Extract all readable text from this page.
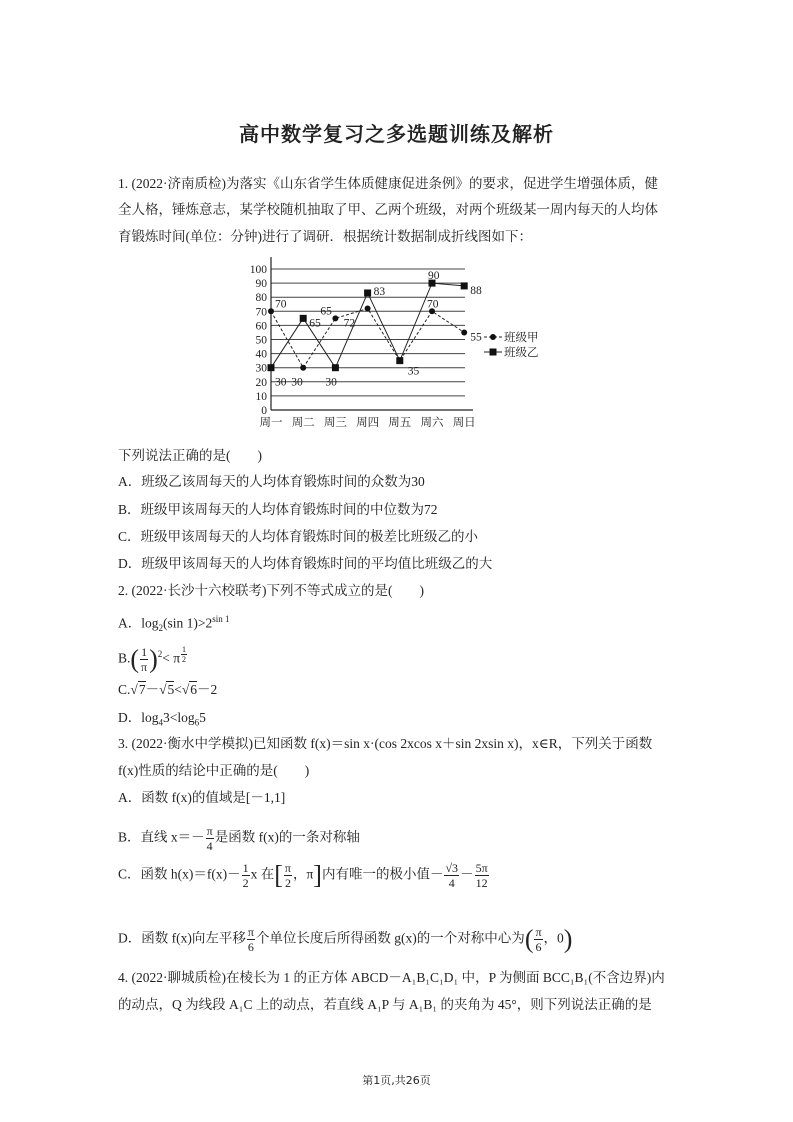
高中数学复习之多选题训练及解析
1. (2022·济南质检)为落实《山东省学生体质健康促进条例》的要求，促进学生增强体质，健
全人格，锤炼意志，某学校随机抽取了甲、乙两个班级，对两个班级某一周内每天的人均体
育锻炼时间(单位：分钟)进行了调研．根据统计数据制成折线图如下：
0
10
20
30
40
50
60
70
80
90
100
周一 周二 周三 周四 周五 周六 周日
70
30
65
72
70
55
30
65
30
83
35
90
88
班级甲
班级乙
下列说法正确的是(　　)
A．班级乙该周每天的人均体育锻炼时间的众数为30
B．班级甲该周每天的人均体育锻炼时间的中位数为72
C．班级甲该周每天的人均体育锻炼时间的极差比班级乙的小
D．班级甲该周每天的人均体育锻炼时间的平均值比班级乙的大
2. (2022·长沙十六校联考)下列不等式成立的是(　　)
A．$\log_2(\sin$ $1)>2^{sin 1}$
$B.( \frac{1}{\pi} )^2< \pi \frac{1}{2}$
C.√7－√5<√6－2
D．$\log_43<\log_65$
3. (2022·衡水中学模拟)已知函数 f(x)＝sin x·(cos 2xcos x＋sin 2xsin x)，x∈R，下列关于函数
f(x)性质的结论中正确的是(　　)
A．函数 f(x)的值域是[－1,1]
B．直线 $x=- \frac{\pi}{4}$ 是函数 f(x)的一条对称轴
C．函数 $h(x)=f(x)- \frac{1}{2}$ x 在[ $\frac{\pi}{2}$ ，π]内有唯一的极小值－ $\frac{√3}{4} - \frac{5\pi}{12}$
D．函数 f(x)向左平移 $\frac{\pi}{6}$ 个单位长度后所得函数 g(x)的一个对称中心为( $\frac{\pi}{6}$ ，0)
4. (2022·聊城质检)在棱长为 1 的正方体 ABCD－A₁B₁C₁D₁ 中，P 为侧面 BCC₁B₁(不含边界)内
的动点，Q 为线段 A₁C 上的动点，若直线 A₁P 与 A₁B₁ 的夹角为 45°，则下列说法正确的是
第1页,共26页
